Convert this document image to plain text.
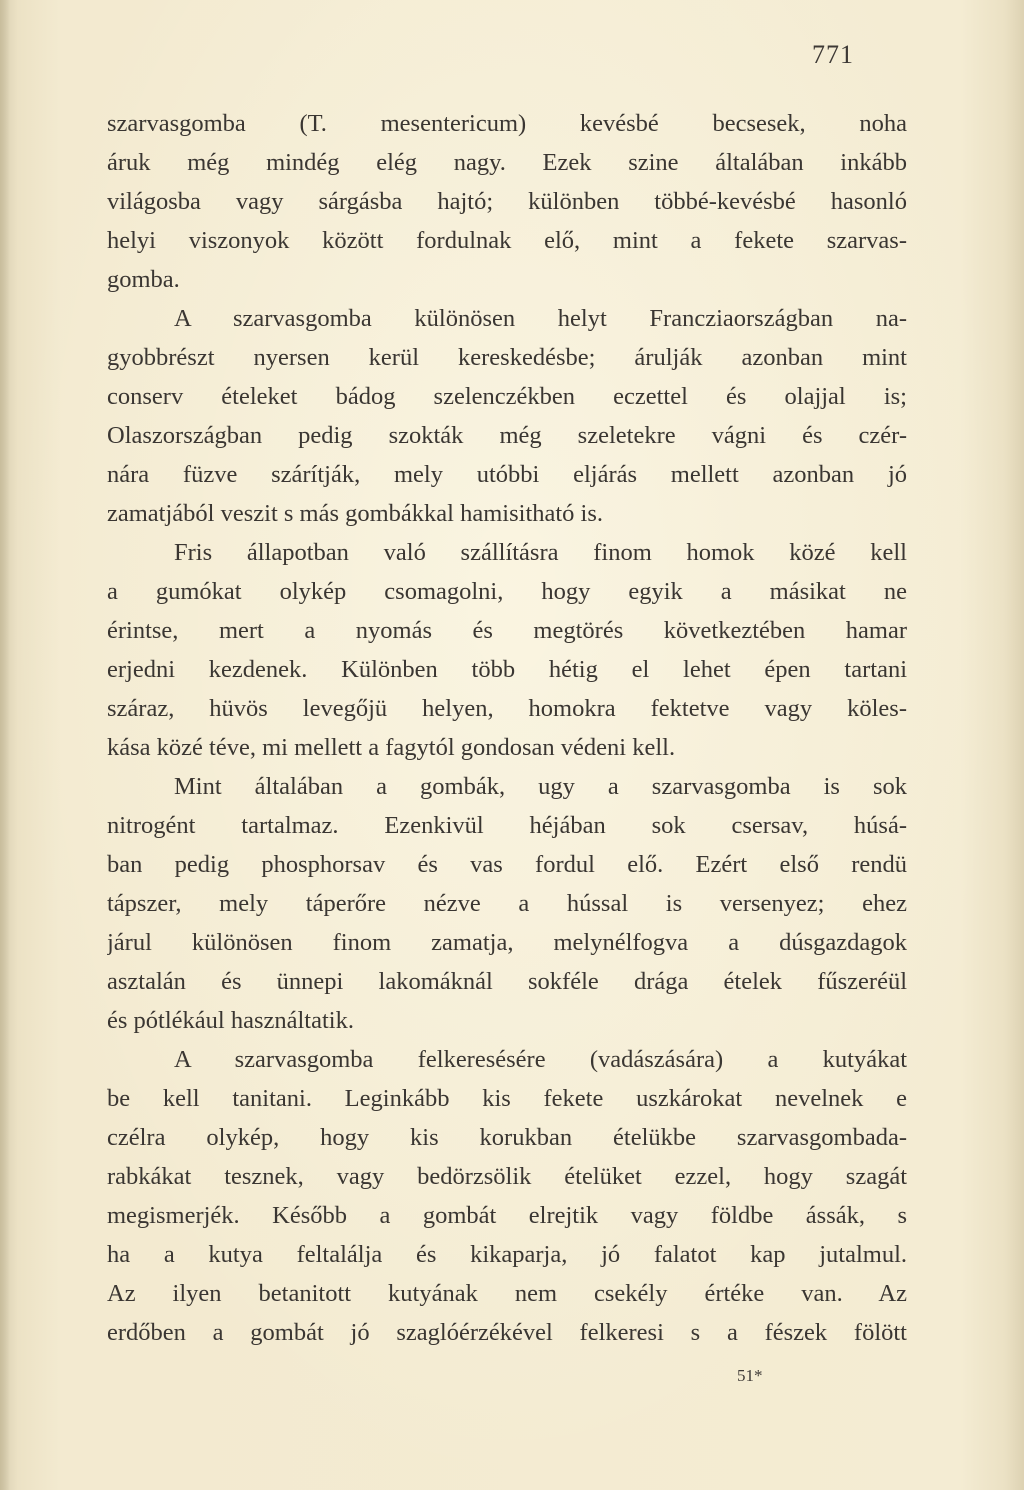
771
szarvasgomba (T. mesentericum) kevésbé becsesek, noha
áruk még mindég elég nagy. Ezek szine általában inkább
világosba vagy sárgásba hajtó; különben többé-kevésbé hasonló
helyi viszonyok között fordulnak elő, mint a fekete szarvas-
gomba.
A szarvasgomba különösen helyt Francziaországban na-
gyobbrészt nyersen kerül kereskedésbe; árulják azonban mint
conserv ételeket bádog szelenczékben eczettel és olajjal is;
Olaszországban pedig szokták még szeletekre vágni és czér-
nára füzve szárítják, mely utóbbi eljárás mellett azonban jó
zamatjából veszit s más gombákkal hamisitható is.
Fris állapotban való szállításra finom homok közé kell
a gumókat olykép csomagolni, hogy egyik a másikat ne
érintse, mert a nyomás és megtörés következtében hamar
erjedni kezdenek. Különben több hétig el lehet épen tartani
száraz, hüvös levegőjü helyen, homokra fektetve vagy köles-
kása közé téve, mi mellett a fagytól gondosan védeni kell.
Mint általában a gombák, ugy a szarvasgomba is sok
nitrogént tartalmaz. Ezenkivül héjában sok csersav, húsá-
ban pedig phosphorsav és vas fordul elő. Ezért első rendü
tápszer, mely táperőre nézve a hússal is versenyez; ehez
járul különösen finom zamatja, melynélfogva a dúsgazdagok
asztalán és ünnepi lakomáknál sokféle drága ételek fűszeréül
és pótlékául használtatik.
A szarvasgomba felkeresésére (vadászására) a kutyákat
be kell tanitani. Leginkább kis fekete uszkárokat nevelnek e
czélra olykép, hogy kis korukban ételükbe szarvasgombada-
rabkákat tesznek, vagy bedörzsölik ételüket ezzel, hogy szagát
megismerjék. Később a gombát elrejtik vagy földbe ássák, s
ha a kutya feltalálja és kikaparja, jó falatot kap jutalmul.
Az ilyen betanitott kutyának nem csekély értéke van. Az
erdőben a gombát jó szaglóérzékével felkeresi s a fészek fölött
51*
